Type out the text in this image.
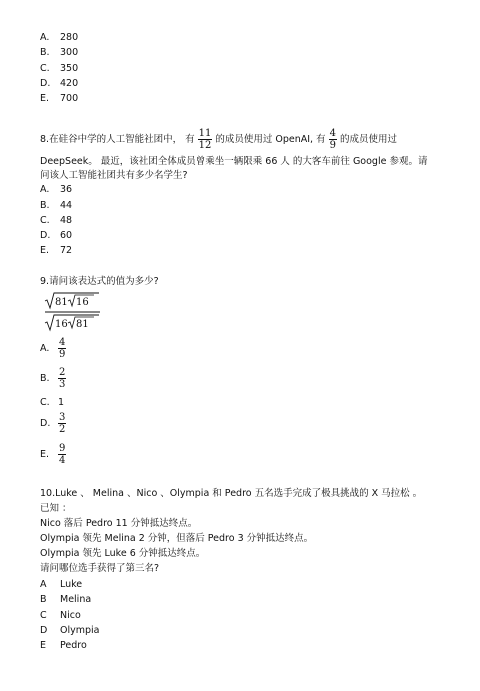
A. 280
B. 300
C. 350
D. 420
E. 700
8.在硅谷中学的人工智能社团中， 有 $\frac{11}{12}$ 的成员使用过 OpenAI, 有 $\frac{4}{9}$ 的成员使用过
DeepSeek。 最近，该社团全体成员曾乘坐一辆限乘 66 人 的大客车前往 Google 参观。请
问该人工智能社团共有多少名学生?
A. 36
B. 44
C. 48
D. 60
E. 72
9.请问该表达式的值为多少?
81 16
16 81
A. $\frac{4}{9}$
B. $\frac{2}{3}$
C. 1
D. $\frac{3}{2}$
E. $\frac{9}{4}$
10.Luke 、 Melina 、Nico 、Olympia 和 Pedro 五名选手完成了极具挑战的 X 马拉松 。
已知 ：
Nico 落后 Pedro 11 分钟抵达终点。
Olympia 领先 Melina 2 分钟，但落后 Pedro 3 分钟抵达终点。
Olympia 领先 Luke 6 分钟抵达终点。
请问哪位选手获得了第三名?
A Luke
B Melina
C Nico
D Olympia
E Pedro
